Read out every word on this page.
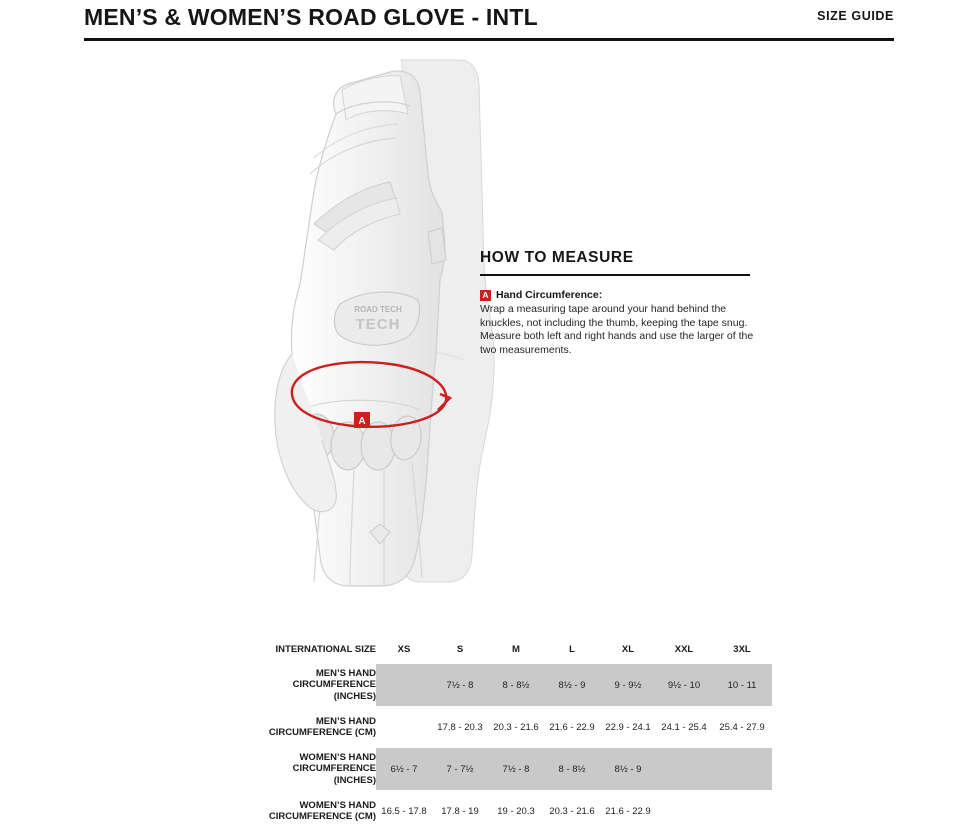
MEN’S & WOMEN’S ROAD GLOVE - INTL	SIZE GUIDE
ROAD TECH
TECH
A
HOW TO MEASURE
A Hand Circumference:

Wrap a measuring tape around your hand behind the knuckles, not including the thumb, keeping the tape snug. Measure both left and right hands and use the larger of the two measurements.

INTERNATIONAL SIZE	XS	S	M	L	XL	XXL	3XL
MEN’S HAND
CIRCUMFERENCE (INCHES)		7½ - 8	8 - 8½	8½ - 9	9 - 9½	9½ - 10	10 - 11
MEN’S HAND
CIRCUMFERENCE (CM)		17.8 - 20.3	20.3 - 21.6	21.6 - 22.9	22.9 - 24.1	24.1 - 25.4	25.4 - 27.9
WOMEN’S HAND
CIRCUMFERENCE (INCHES)	6½ - 7	7 - 7½	7½ - 8	8 - 8½	8½ - 9		
WOMEN’S HAND
CIRCUMFERENCE (CM)	16.5 - 17.8	17.8 - 19	19 - 20.3	20.3 - 21.6	21.6 - 22.9		
